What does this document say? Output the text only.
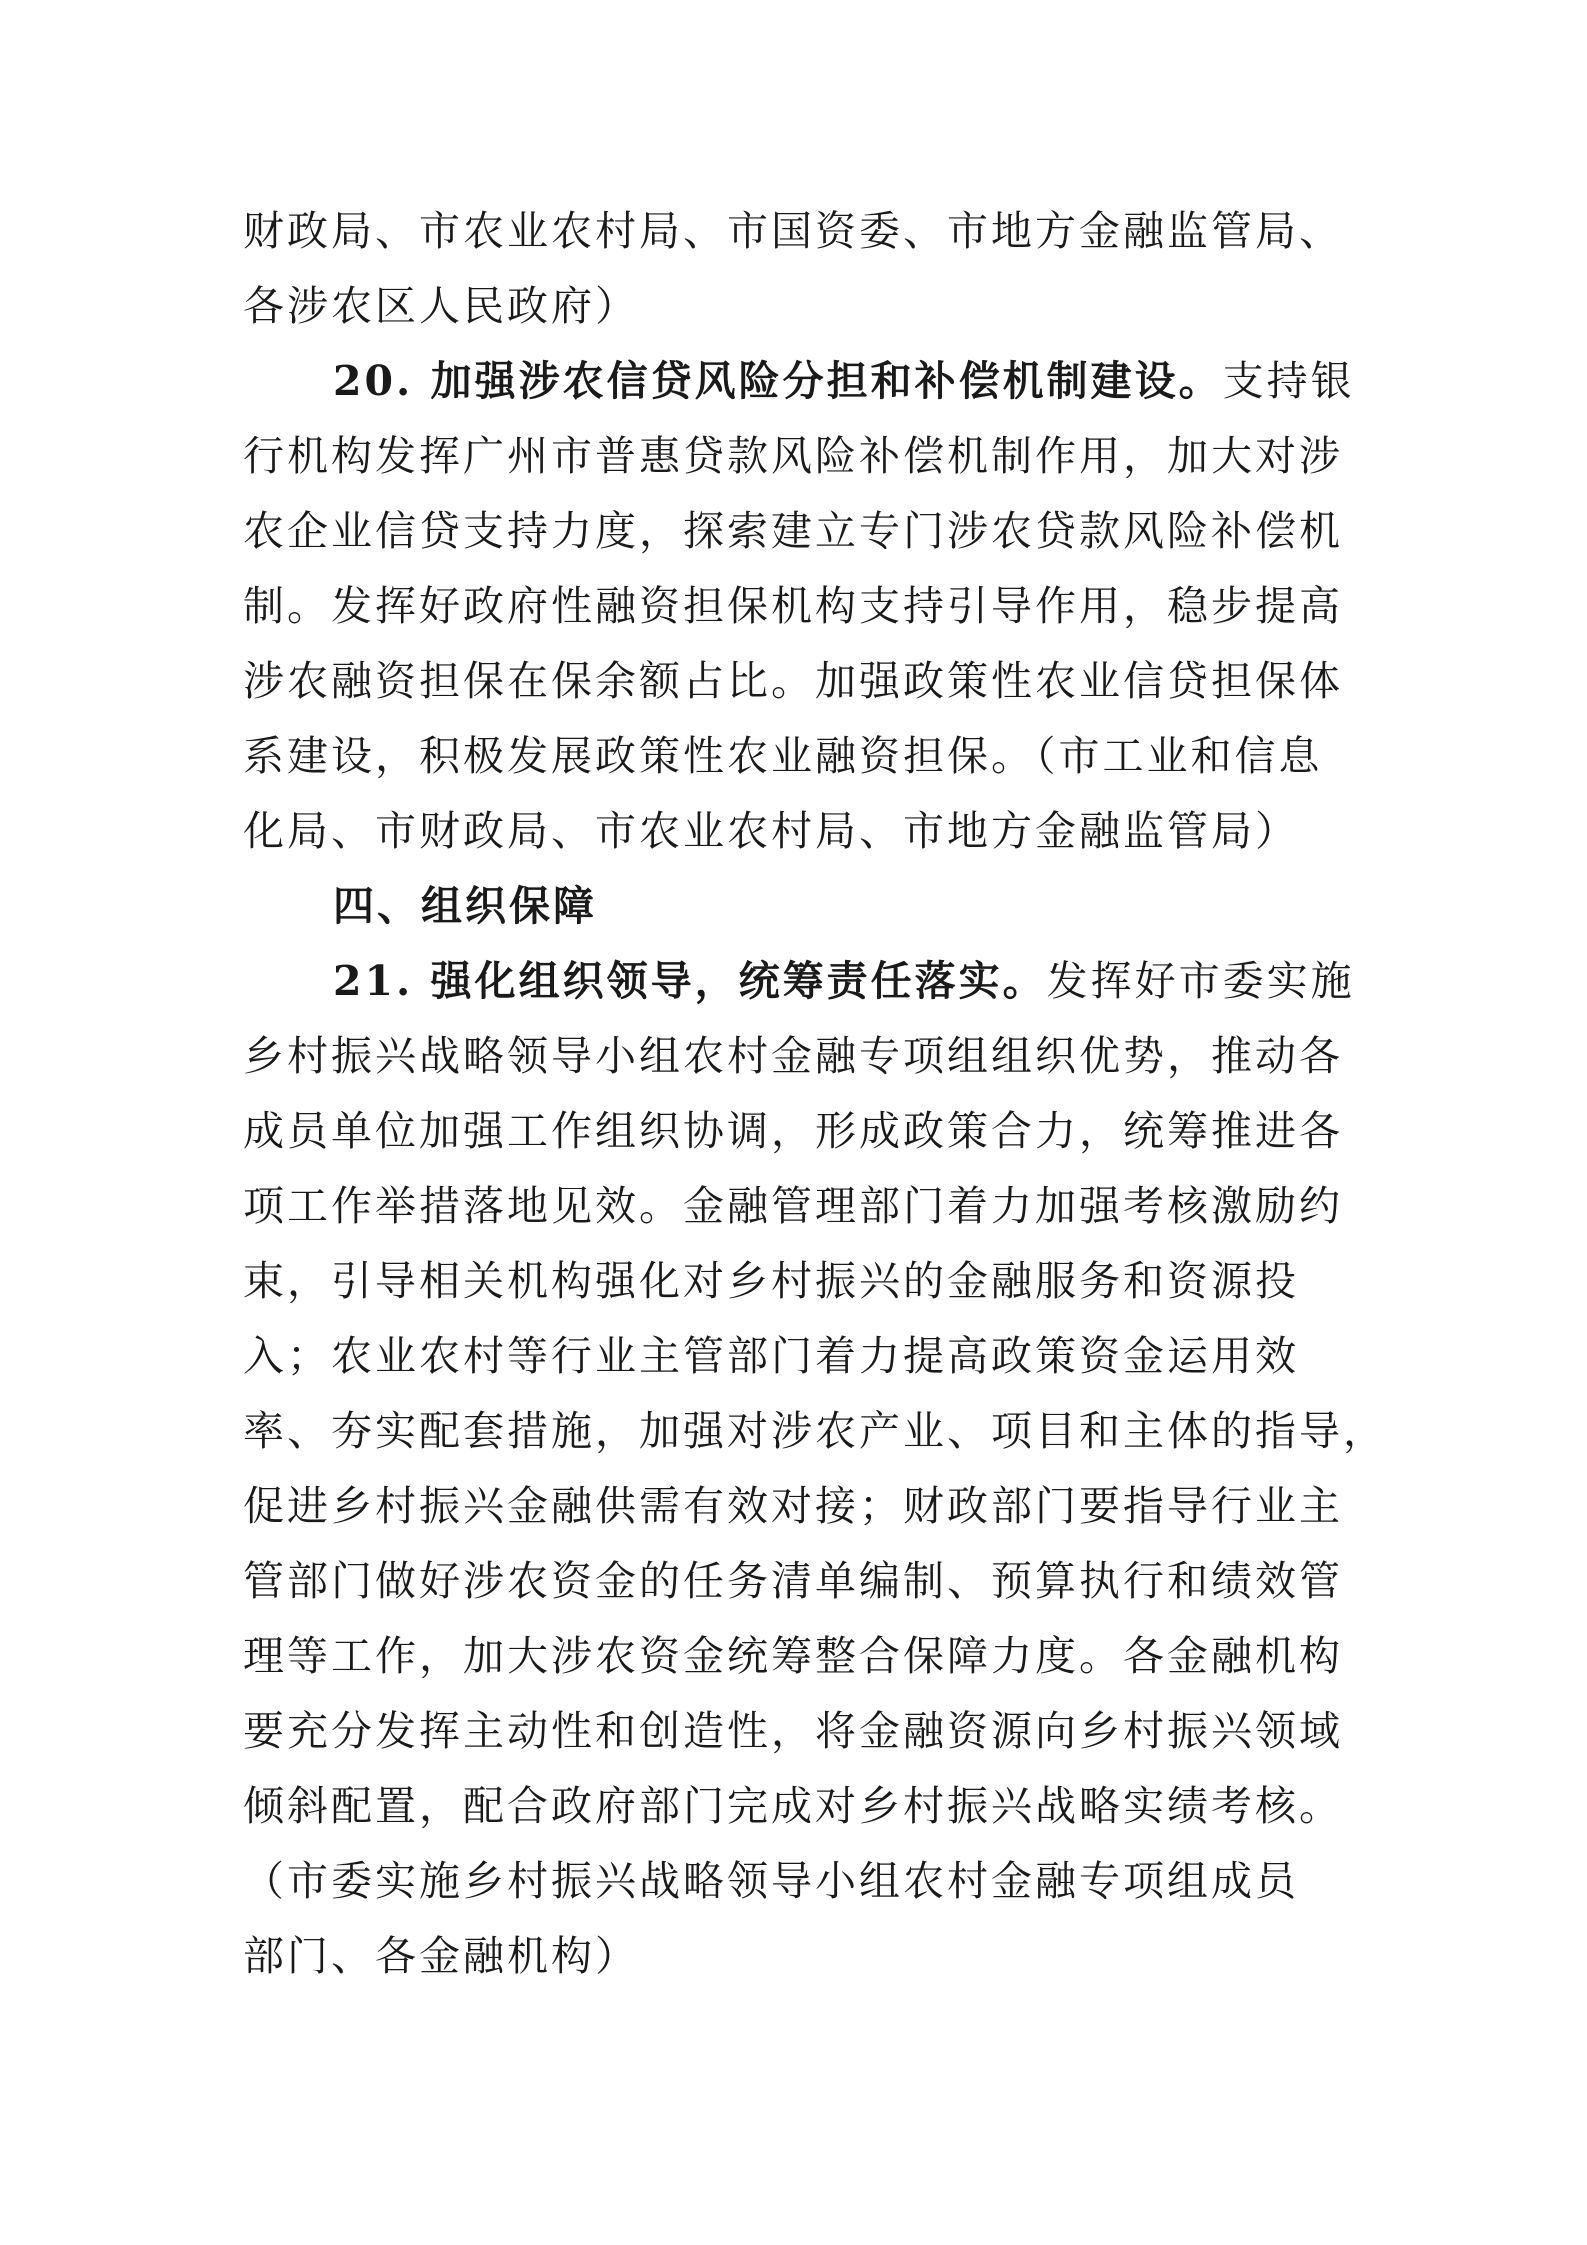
财政局、市农业农村局、市国资委、市地方金融监管局、
各涉农区人民政府）
20. 加强涉农信贷风险分担和补偿机制建设。支持银
行机构发挥广州市普惠贷款风险补偿机制作用，加大对涉
农企业信贷支持力度，探索建立专门涉农贷款风险补偿机
制。发挥好政府性融资担保机构支持引导作用，稳步提高
涉农融资担保在保余额占比。加强政策性农业信贷担保体
系建设，积极发展政策性农业融资担保。（市工业和信息
化局、市财政局、市农业农村局、市地方金融监管局）
四、组织保障
21. 强化组织领导，统筹责任落实。发挥好市委实施
乡村振兴战略领导小组农村金融专项组组织优势，推动各
成员单位加强工作组织协调，形成政策合力，统筹推进各
项工作举措落地见效。金融管理部门着力加强考核激励约
束，引导相关机构强化对乡村振兴的金融服务和资源投
入；农业农村等行业主管部门着力提高政策资金运用效
率、夯实配套措施，加强对涉农产业、项目和主体的指导，
促进乡村振兴金融供需有效对接；财政部门要指导行业主
管部门做好涉农资金的任务清单编制、预算执行和绩效管
理等工作，加大涉农资金统筹整合保障力度。各金融机构
要充分发挥主动性和创造性，将金融资源向乡村振兴领域
倾斜配置，配合政府部门完成对乡村振兴战略实绩考核。
（市委实施乡村振兴战略领导小组农村金融专项组成员
部门、各金融机构）
